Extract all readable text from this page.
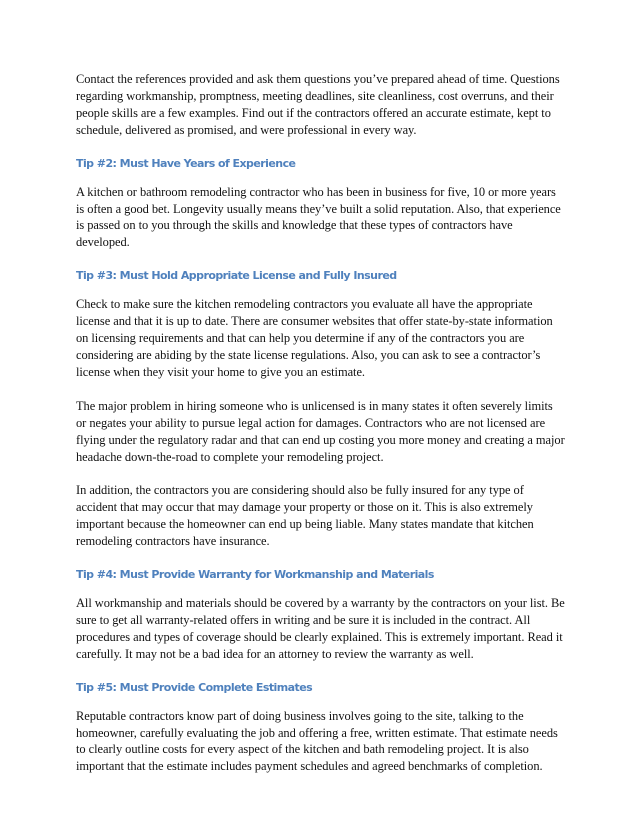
Contact the references provided and ask them questions you’ve prepared ahead of time. Questions regarding workmanship, promptness, meeting deadlines, site cleanliness, cost overruns, and their people skills are a few examples. Find out if the contractors offered an accurate estimate, kept to schedule, delivered as promised, and were professional in every way.

Tip #2: Must Have Years of Experience

A kitchen or bathroom remodeling contractor who has been in business for five, 10 or more years is often a good bet. Longevity usually means they’ve built a solid reputation. Also, that experience is passed on to you through the skills and knowledge that these types of contractors have developed.

Tip #3: Must Hold Appropriate License and Fully Insured

Check to make sure the kitchen remodeling contractors you evaluate all have the appropriate license and that it is up to date. There are consumer websites that offer state-by-state information on licensing requirements and that can help you determine if any of the contractors you are considering are abiding by the state license regulations. Also, you can ask to see a contractor’s license when they visit your home to give you an estimate.

The major problem in hiring someone who is unlicensed is in many states it often severely limits or negates your ability to pursue legal action for damages. Contractors who are not licensed are flying under the regulatory radar and that can end up costing you more money and creating a major headache down-the-road to complete your remodeling project.

In addition, the contractors you are considering should also be fully insured for any type of accident that may occur that may damage your property or those on it. This is also extremely important because the homeowner can end up being liable. Many states mandate that kitchen remodeling contractors have insurance.

Tip #4: Must Provide Warranty for Workmanship and Materials

All workmanship and materials should be covered by a warranty by the contractors on your list. Be sure to get all warranty-related offers in writing and be sure it is included in the contract. All procedures and types of coverage should be clearly explained. This is extremely important. Read it carefully. It may not be a bad idea for an attorney to review the warranty as well.

Tip #5: Must Provide Complete Estimates

Reputable contractors know part of doing business involves going to the site, talking to the homeowner, carefully evaluating the job and offering a free, written estimate. That estimate needs to clearly outline costs for every aspect of the kitchen and bath remodeling project. It is also important that the estimate includes payment schedules and agreed benchmarks of completion.
